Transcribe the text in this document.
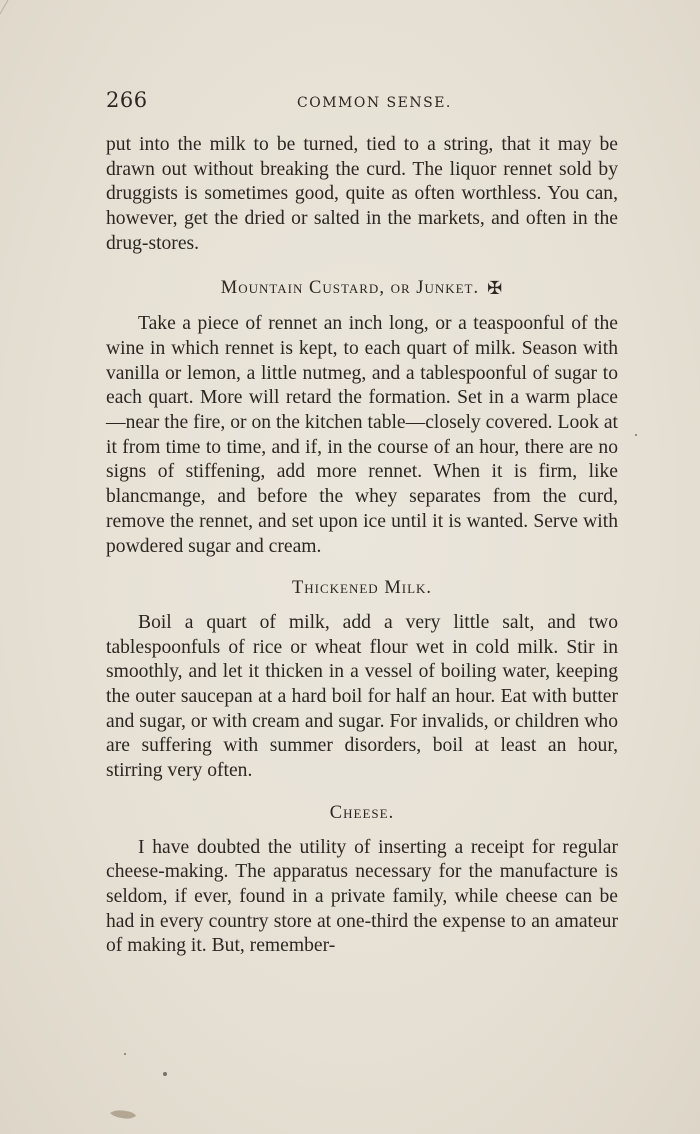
266	COMMON SENSE.

put into the milk to be turned, tied to a string, that it may be drawn out without breaking the curd. The liquor rennet sold by druggists is sometimes good, quite as often worthless. You can, however, get the dried or salted in the markets, and often in the drug-stores.

Mountain Custard, or Junket. ✠

Take a piece of rennet an inch long, or a teaspoonful of the wine in which rennet is kept, to each quart of milk. Season with vanilla or lemon, a little nutmeg, and a tablespoonful of sugar to each quart. More will retard the formation. Set in a warm place—near the fire, or on the kitchen table—closely covered. Look at it from time to time, and if, in the course of an hour, there are no signs of stiffening, add more rennet. When it is firm, like blancmange, and before the whey separates from the curd, remove the rennet, and set upon ice until it is wanted. Serve with powdered sugar and cream.

Thickened Milk.

Boil a quart of milk, add a very little salt, and two tablespoonfuls of rice or wheat flour wet in cold milk. Stir in smoothly, and let it thicken in a vessel of boiling water, keeping the outer saucepan at a hard boil for half an hour. Eat with butter and sugar, or with cream and sugar. For invalids, or children who are suffering with summer disorders, boil at least an hour, stirring very often.

Cheese.

I have doubted the utility of inserting a receipt for regular cheese-making. The apparatus necessary for the manufacture is seldom, if ever, found in a private family, while cheese can be had in every country store at one-third the expense to an amateur of making it. But, remember-
